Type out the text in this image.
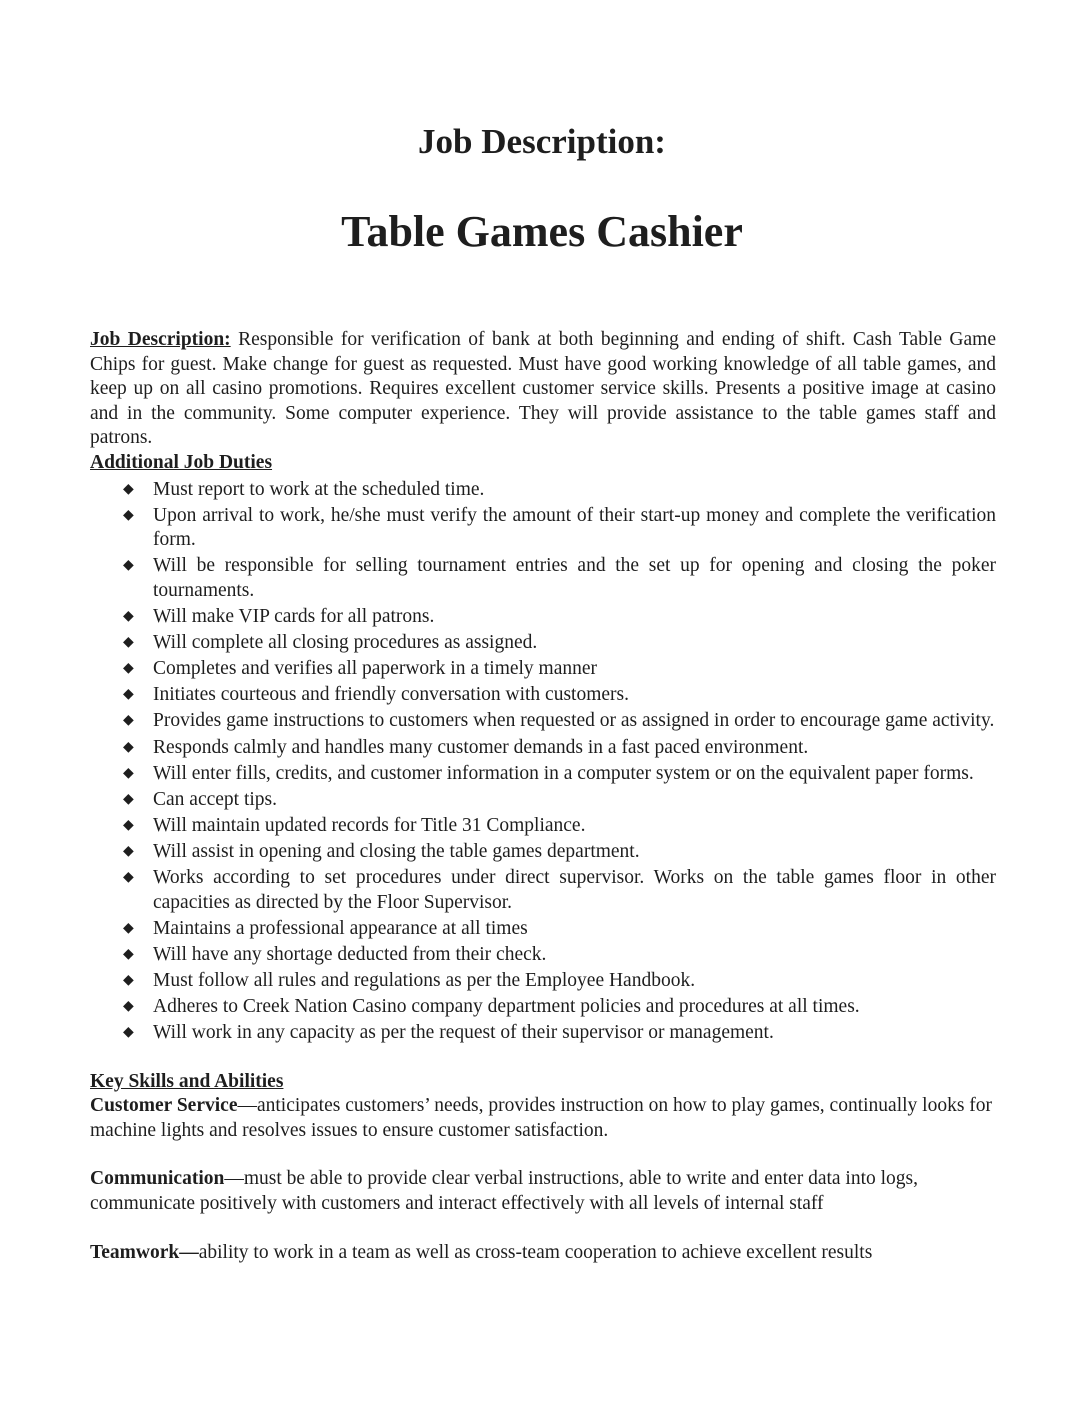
Job Description:
Table Games Cashier

Job Description: Responsible for verification of bank at both beginning and ending of shift. Cash Table Game Chips for guest. Make change for guest as requested. Must have good working knowledge of all table games, and keep up on all casino promotions. Requires excellent customer service skills. Presents a positive image at casino and in the community. Some computer experience. They will provide assistance to the table games staff and patrons.

Additional Job Duties

◆ Must report to work at the scheduled time.
◆ Upon arrival to work, he/she must verify the amount of their start-up money and complete the verification form.
◆ Will be responsible for selling tournament entries and the set up for opening and closing the poker tournaments.
◆ Will make VIP cards for all patrons.
◆ Will complete all closing procedures as assigned.
◆ Completes and verifies all paperwork in a timely manner
◆ Initiates courteous and friendly conversation with customers.
◆ Provides game instructions to customers when requested or as assigned in order to encourage game activity.
◆ Responds calmly and handles many customer demands in a fast paced environment.
◆ Will enter fills, credits, and customer information in a computer system or on the equivalent paper forms.
◆ Can accept tips.
◆ Will maintain updated records for Title 31 Compliance.
◆ Will assist in opening and closing the table games department.
◆ Works according to set procedures under direct supervisor. Works on the table games floor in other capacities as directed by the Floor Supervisor.
◆ Maintains a professional appearance at all times
◆ Will have any shortage deducted from their check.
◆ Must follow all rules and regulations as per the Employee Handbook.
◆ Adheres to Creek Nation Casino company department policies and procedures at all times.
◆ Will work in any capacity as per the request of their supervisor or management.

Key Skills and Abilities

Customer Service—anticipates customers’ needs, provides instruction on how to play games, continually looks for machine lights and resolves issues to ensure customer satisfaction.

Communication—must be able to provide clear verbal instructions, able to write and enter data into logs, communicate positively with customers and interact effectively with all levels of internal staff

Teamwork—ability to work in a team as well as cross-team cooperation to achieve excellent results
